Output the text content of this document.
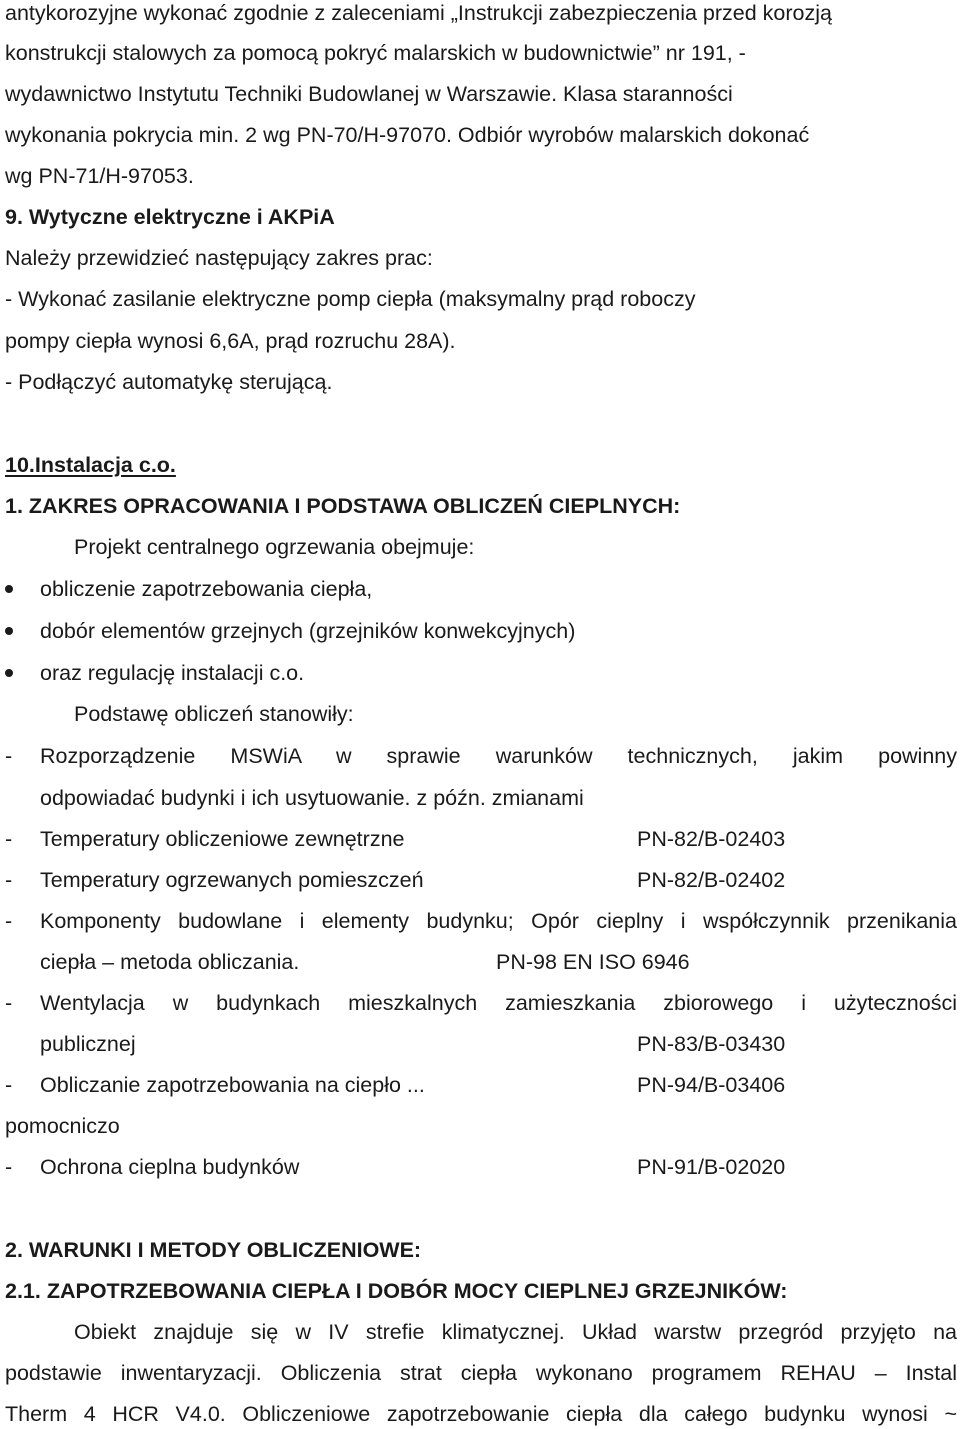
antykorozyjne wykonać zgodnie z zaleceniami „Instrukcji zabezpieczenia przed korozją
konstrukcji stalowych za pomocą pokryć malarskich w budownictwie” nr 191, -
wydawnictwo Instytutu Techniki Budowlanej w Warszawie. Klasa staranności
wykonania pokrycia min. 2 wg PN-70/H-97070. Odbiór wyrobów malarskich dokonać
wg PN-71/H-97053.
9. Wytyczne elektryczne i AKPiA
Należy przewidzieć następujący zakres prac:
- Wykonać zasilanie elektryczne pomp ciepła (maksymalny prąd roboczy
pompy ciepła wynosi 6,6A, prąd rozruchu 28A).
- Podłączyć automatykę sterującą.
10.Instalacja c.o.
1. ZAKRES OPRACOWANIA I PODSTAWA OBLICZEŃ CIEPLNYCH:
Projekt centralnego ogrzewania obejmuje:
obliczenie zapotrzebowania ciepła,
dobór elementów grzejnych (grzejników konwekcyjnych)
oraz regulację instalacji c.o.
Podstawę obliczeń stanowiły:
- Rozporządzenie MSWiA w sprawie warunków technicznych, jakim powinny
odpowiadać budynki i ich usytuowanie. z późn. zmianami
- Temperatury obliczeniowe zewnętrzne	PN-82/B-02403
- Temperatury ogrzewanych pomieszczeń	PN-82/B-02402
- Komponenty budowlane i elementy budynku; Opór cieplny i współczynnik przenikania
ciepła – metoda obliczania.	PN-98 EN ISO 6946
- Wentylacja w budynkach mieszkalnych zamieszkania zbiorowego i użyteczności
publicznej	PN-83/B-03430
- Obliczanie zapotrzebowania na ciepło ...	PN-94/B-03406
pomocniczo
- Ochrona cieplna budynków	PN-91/B-02020
2. WARUNKI I METODY OBLICZENIOWE:
2.1. ZAPOTRZEBOWANIA CIEPŁA I DOBÓR MOCY CIEPLNEJ GRZEJNIKÓW:
Obiekt znajduje się w IV strefie klimatycznej. Układ warstw przegród przyjęto na
podstawie inwentaryzacji. Obliczenia strat ciepła wykonano programem REHAU – Instal
Therm 4 HCR V4.0. Obliczeniowe zapotrzebowanie ciepła dla całego budynku wynosi ~
